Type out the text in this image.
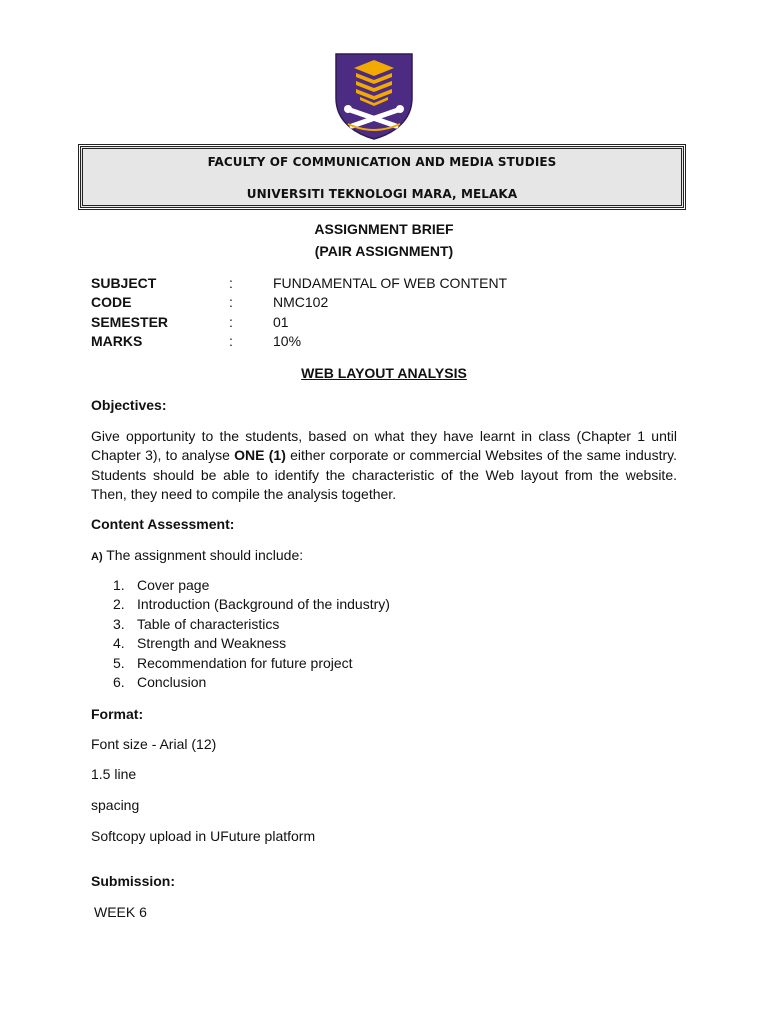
FACULTY OF COMMUNICATION AND MEDIA STUDIES
UNIVERSITI TEKNOLOGI MARA, MELAKA
ASSIGNMENT BRIEF
(PAIR ASSIGNMENT)
SUBJECT	:	FUNDAMENTAL OF WEB CONTENT
CODE	:	NMC102
SEMESTER	:	01
MARKS	:	10%
WEB LAYOUT ANALYSIS
Objectives:
Give opportunity to the students, based on what they have learnt in class (Chapter 1 until Chapter 3), to analyse ONE (1) either corporate or commercial Websites of the same industry. Students should be able to identify the characteristic of the Web layout from the website. Then, they need to compile the analysis together.
Content Assessment:
A) The assignment should include:
1. Cover page
2. Introduction (Background of the industry)
3. Table of characteristics
4. Strength and Weakness
5. Recommendation for future project
6. Conclusion
Format:
Font size - Arial (12)
1.5 line
spacing
Softcopy upload in UFuture platform
Submission:
WEEK 6
